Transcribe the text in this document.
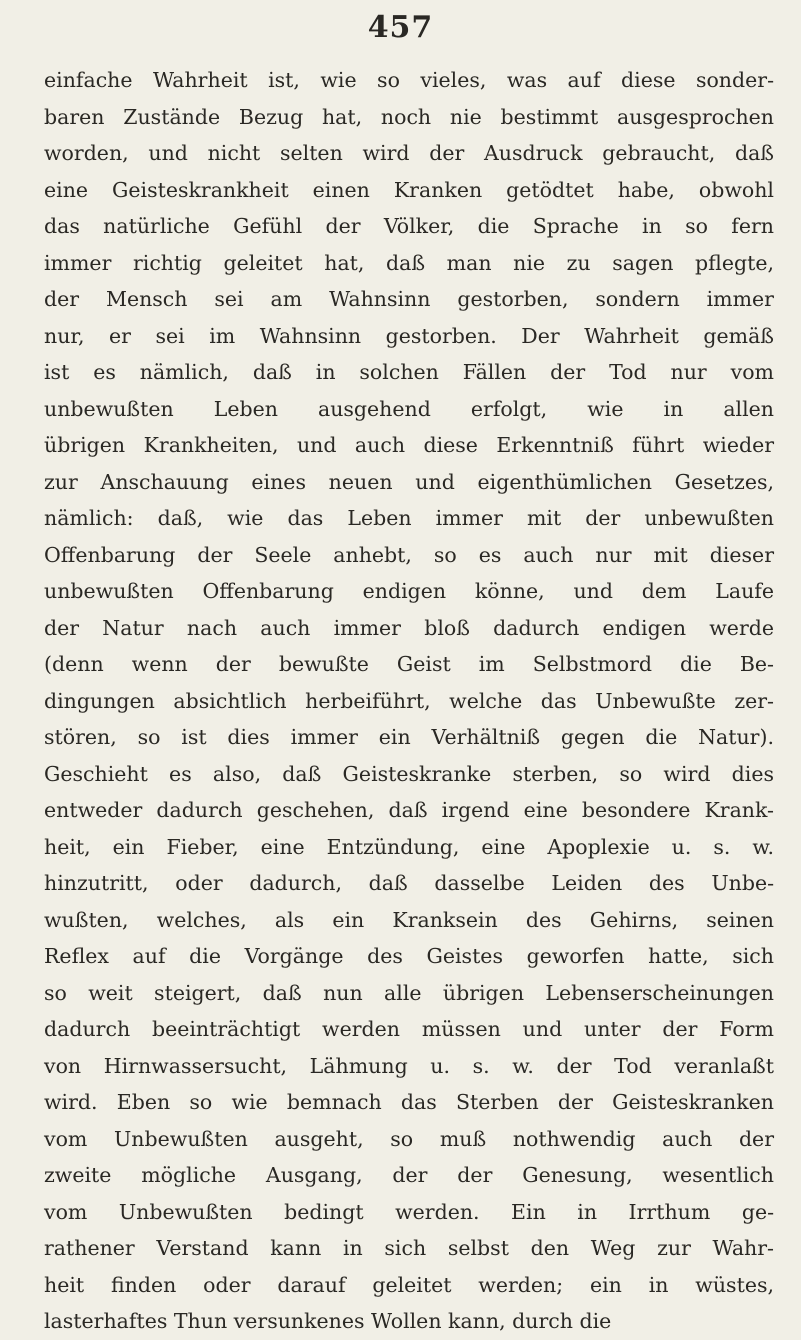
457
einfache Wahrheit ist, wie so vieles, was auf diese sonder-
baren Zustände Bezug hat, noch nie bestimmt ausgesprochen
worden, und nicht selten wird der Ausdruck gebraucht, daß
eine Geisteskrankheit einen Kranken getödtet habe, obwohl
das natürliche Gefühl der Völker, die Sprache in so fern
immer richtig geleitet hat, daß man nie zu sagen pflegte,
der Mensch sei am Wahnsinn gestorben, sondern immer
nur, er sei im Wahnsinn gestorben. Der Wahrheit gemäß
ist es nämlich, daß in solchen Fällen der Tod nur vom
unbewußten Leben ausgehend erfolgt, wie in allen
übrigen Krankheiten, und auch diese Erkenntniß führt wieder
zur Anschauung eines neuen und eigenthümlichen Gesetzes,
nämlich: daß, wie das Leben immer mit der unbewußten
Offenbarung der Seele anhebt, so es auch nur mit dieser
unbewußten Offenbarung endigen könne, und dem Laufe
der Natur nach auch immer bloß dadurch endigen werde
(denn wenn der bewußte Geist im Selbstmord die Be-
dingungen absichtlich herbeiführt, welche das Unbewußte zer-
stören, so ist dies immer ein Verhältniß gegen die Natur).
Geschieht es also, daß Geisteskranke sterben, so wird dies
entweder dadurch geschehen, daß irgend eine besondere Krank-
heit, ein Fieber, eine Entzündung, eine Apoplexie u. s. w.
hinzutritt, oder dadurch, daß dasselbe Leiden des Unbe-
wußten, welches, als ein Kranksein des Gehirns, seinen
Reflex auf die Vorgänge des Geistes geworfen hatte, sich
so weit steigert, daß nun alle übrigen Lebenserscheinungen
dadurch beeinträchtigt werden müssen und unter der Form
von Hirnwassersucht, Lähmung u. s. w. der Tod veranlaßt
wird. Eben so wie bemnach das Sterben der Geisteskranken
vom Unbewußten ausgeht, so muß nothwendig auch der
zweite mögliche Ausgang, der der Genesung, wesentlich
vom Unbewußten bedingt werden. Ein in Irrthum ge-
rathener Verstand kann in sich selbst den Weg zur Wahr-
heit finden oder darauf geleitet werden; ein in wüstes,
lasterhaftes Thun versunkenes Wollen kann, durch die
